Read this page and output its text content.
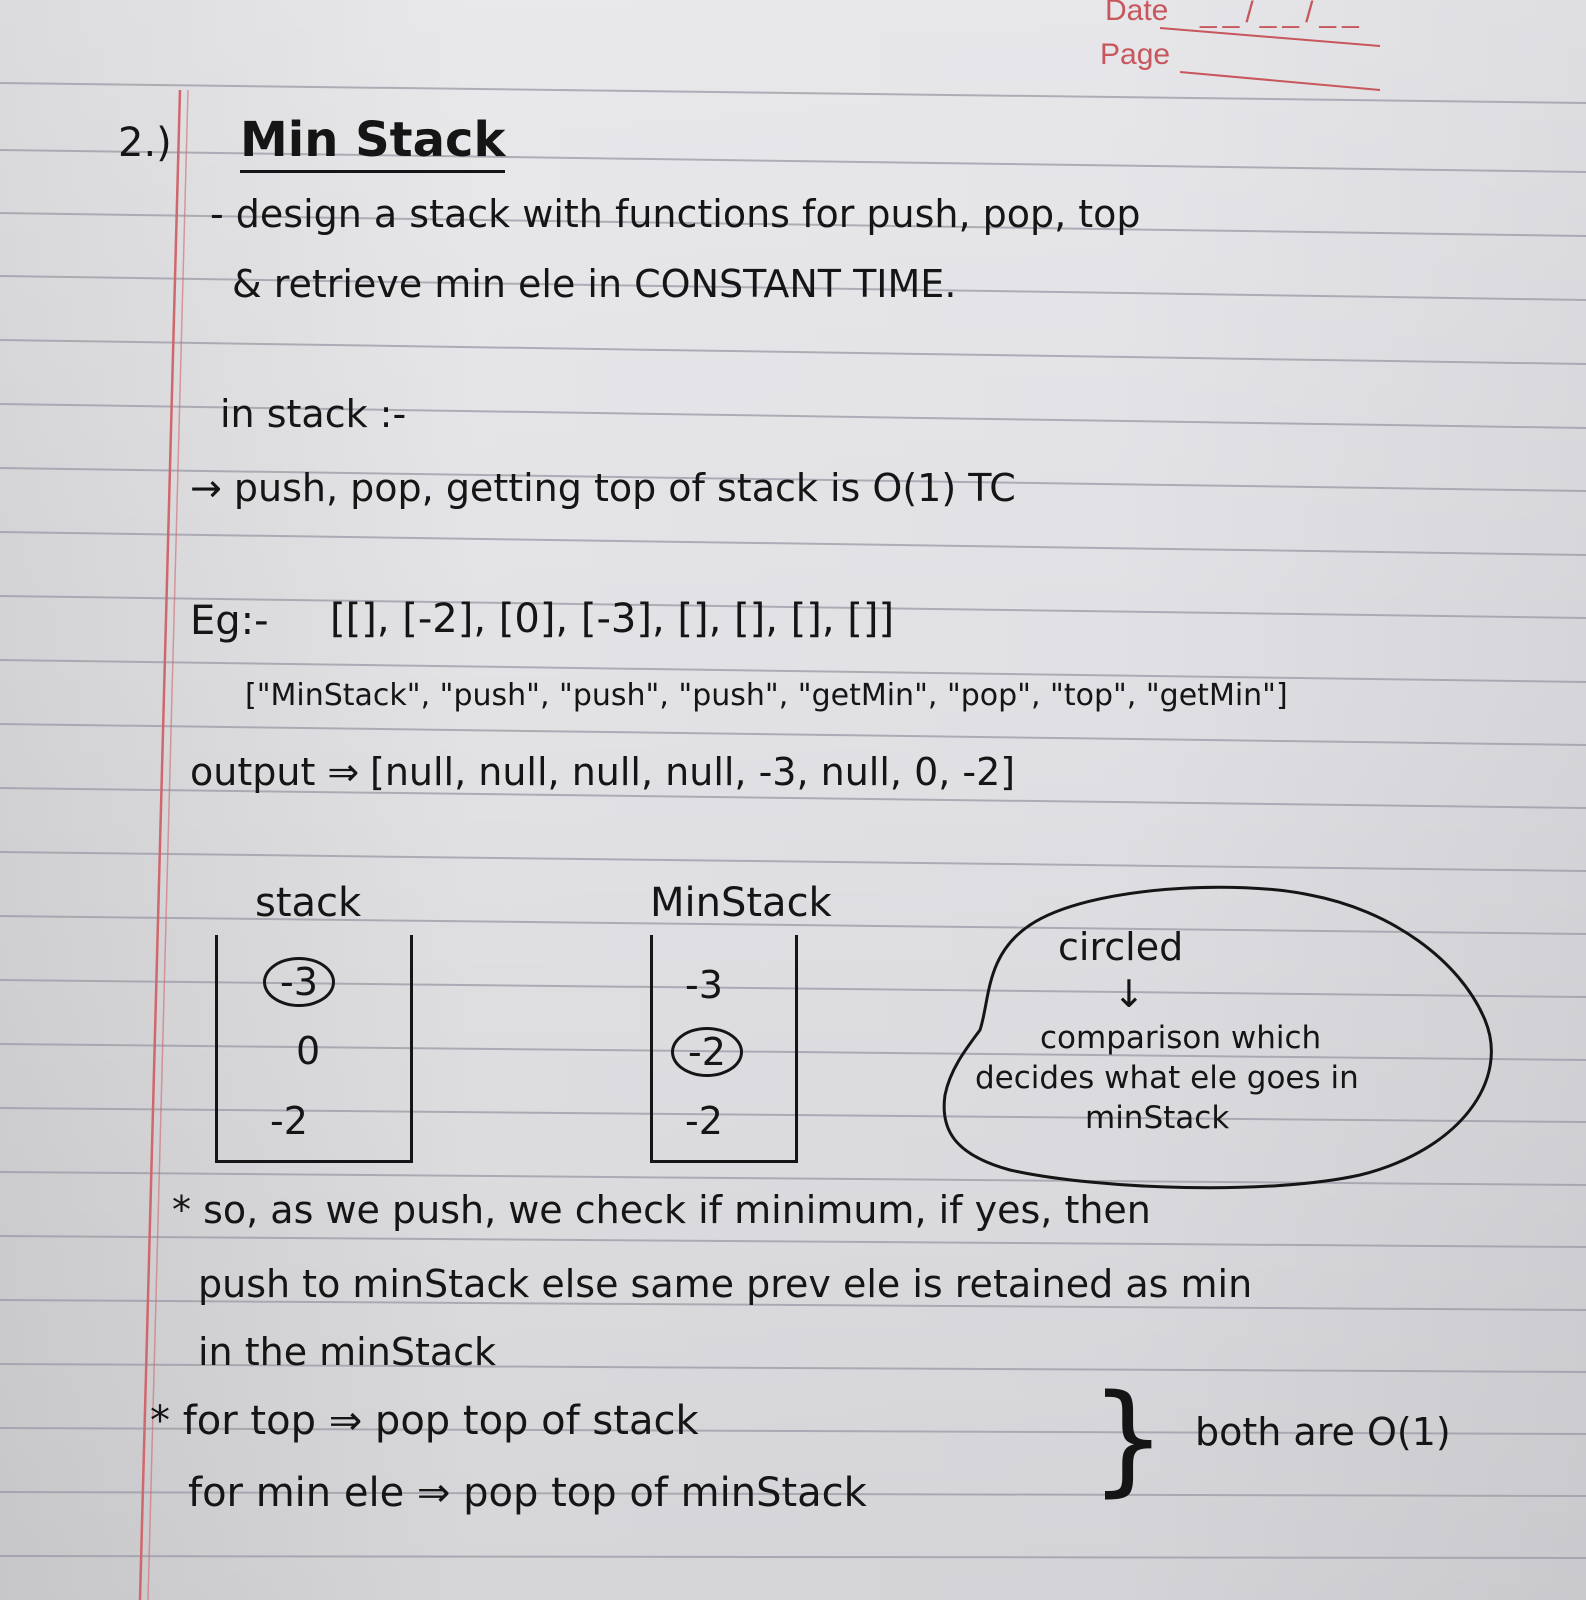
Date __/__/__
Page
2.) Min Stack
- design a stack with functions for push, pop, top
& retrieve min ele in CONSTANT TIME.
in stack :-
→ push, pop, getting top of stack is O(1) TC
Eg:- [[], [-2], [0], [-3], [], [], [], []]
["MinStack", "push", "push", "push", "getMin", "pop", "top", "getMin"]
output ⇒ [null, null, null, null, -3, null, 0, -2]
stack
-3
0
-2
MinStack
-3
-2
-2
circled
↓
comparison which
decides what ele goes in
minStack
* so, as we push, we check if minimum, if yes, then
push to minStack else same prev ele is retained as min
in the minStack
* for top ⇒ pop top of stack
for min ele ⇒ pop top of minStack } both are O(1)
